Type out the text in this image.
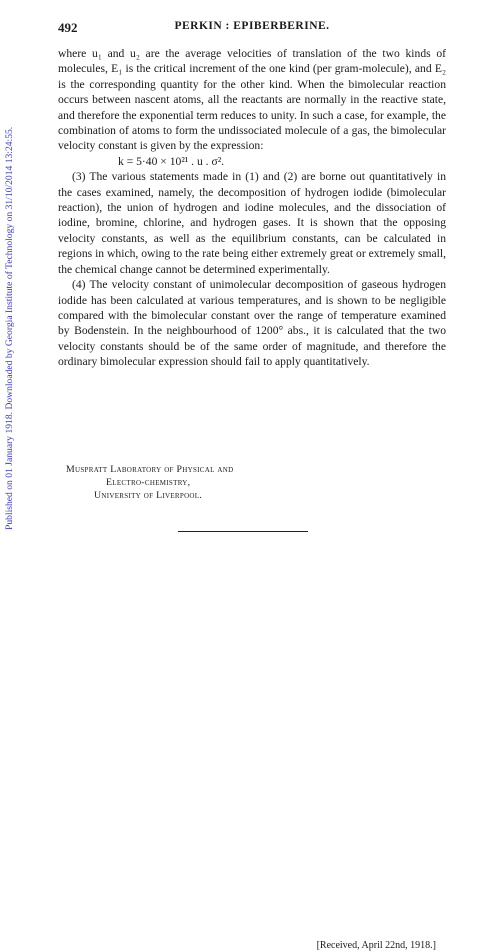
Published on 01 January 1918. Downloaded by Georgia Institute of Technology on 31/10/2014 13:24:55.
492	PERKIN : EPIBERBERINE.

where u₁ and u₂ are the average velocities of translation of the two kinds of molecules, E₁ is the critical increment of the one kind (per gram-molecule), and E₂ is the corresponding quantity for the other kind. When the bimolecular reaction occurs between nascent atoms, all the reactants are normally in the reactive state, and therefore the exponential term reduces to unity. In such a case, for example, the combination of atoms to form the undissociated molecule of a gas, the bimolecular velocity constant is given by the expression:

k = 5·40 × 10²¹ . u . σ².

(3) The various statements made in (1) and (2) are borne out quantitatively in the cases examined, namely, the decomposition of hydrogen iodide (bimolecular reaction), the union of hydrogen and iodine molecules, and the dissociation of iodine, bromine, chlorine, and hydrogen gases. It is shown that the opposing velocity constants, as well as the equilibrium constants, can be calculated in regions in which, owing to the rate being either extremely great or extremely small, the chemical change cannot be determined experimentally.

(4) The velocity constant of unimolecular decomposition of gaseous hydrogen iodide has been calculated at various temperatures, and is shown to be negligible compared with the bimolecular constant over the range of temperature examined by Bodenstein. In the neighbourhood of 1200° abs., it is calculated that the two velocity constants should be of the same order of magnitude, and therefore the ordinary bimolecular expression should fail to apply quantitatively.

Muspratt Laboratory of Physical and
Electro-chemistry,
University of Liverpool.
[Received, April 22nd, 1918.]
